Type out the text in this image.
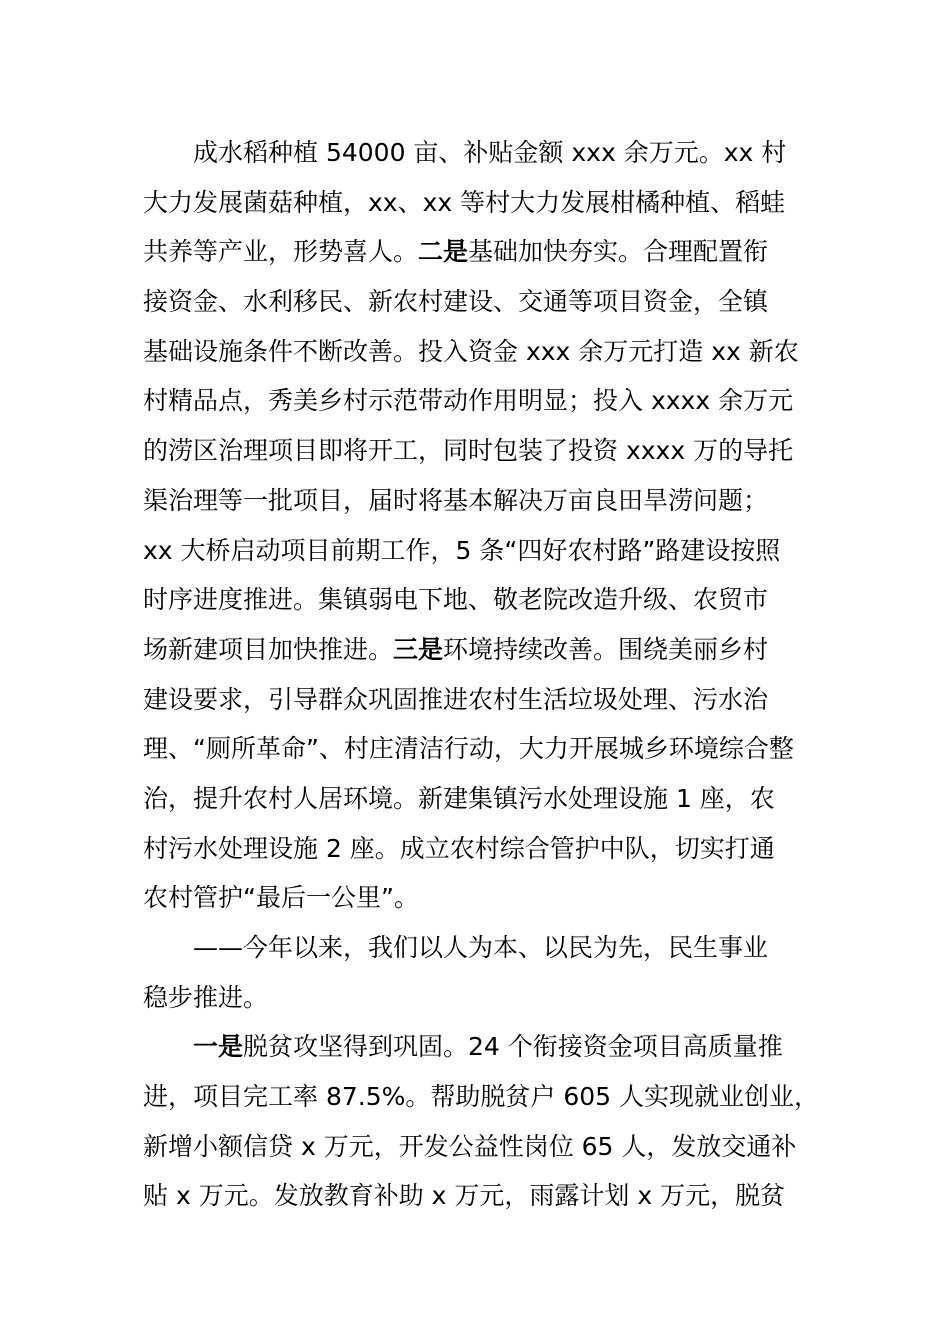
成水稻种植 54000 亩、补贴金额 xxx 余万元。xx 村
大力发展菌菇种植，xx、xx 等村大力发展柑橘种植、稻蛙
共养等产业，形势喜人。二是基础加快夯实。合理配置衔
接资金、水利移民、新农村建设、交通等项目资金，全镇
基础设施条件不断改善。投入资金 xxx 余万元打造 xx 新农
村精品点，秀美乡村示范带动作用明显；投入 xxxx 余万元
的涝区治理项目即将开工，同时包装了投资 xxxx 万的导托
渠治理等一批项目，届时将基本解决万亩良田旱涝问题；
xx 大桥启动项目前期工作，5 条“四好农村路”路建设按照
时序进度推进。集镇弱电下地、敬老院改造升级、农贸市
场新建项目加快推进。三是环境持续改善。围绕美丽乡村
建设要求，引导群众巩固推进农村生活垃圾处理、污水治
理、“厕所革命”、村庄清洁行动，大力开展城乡环境综合整
治，提升农村人居环境。新建集镇污水处理设施 1 座，农
村污水处理设施 2 座。成立农村综合管护中队，切实打通
农村管护“最后一公里”。
——今年以来，我们以人为本、以民为先，民生事业
稳步推进。
一是脱贫攻坚得到巩固。24 个衔接资金项目高质量推
进，项目完工率 87.5%。帮助脱贫户 605 人实现就业创业，
新增小额信贷 x 万元，开发公益性岗位 65 人，发放交通补
贴 x 万元。发放教育补助 x 万元，雨露计划 x 万元，脱贫
